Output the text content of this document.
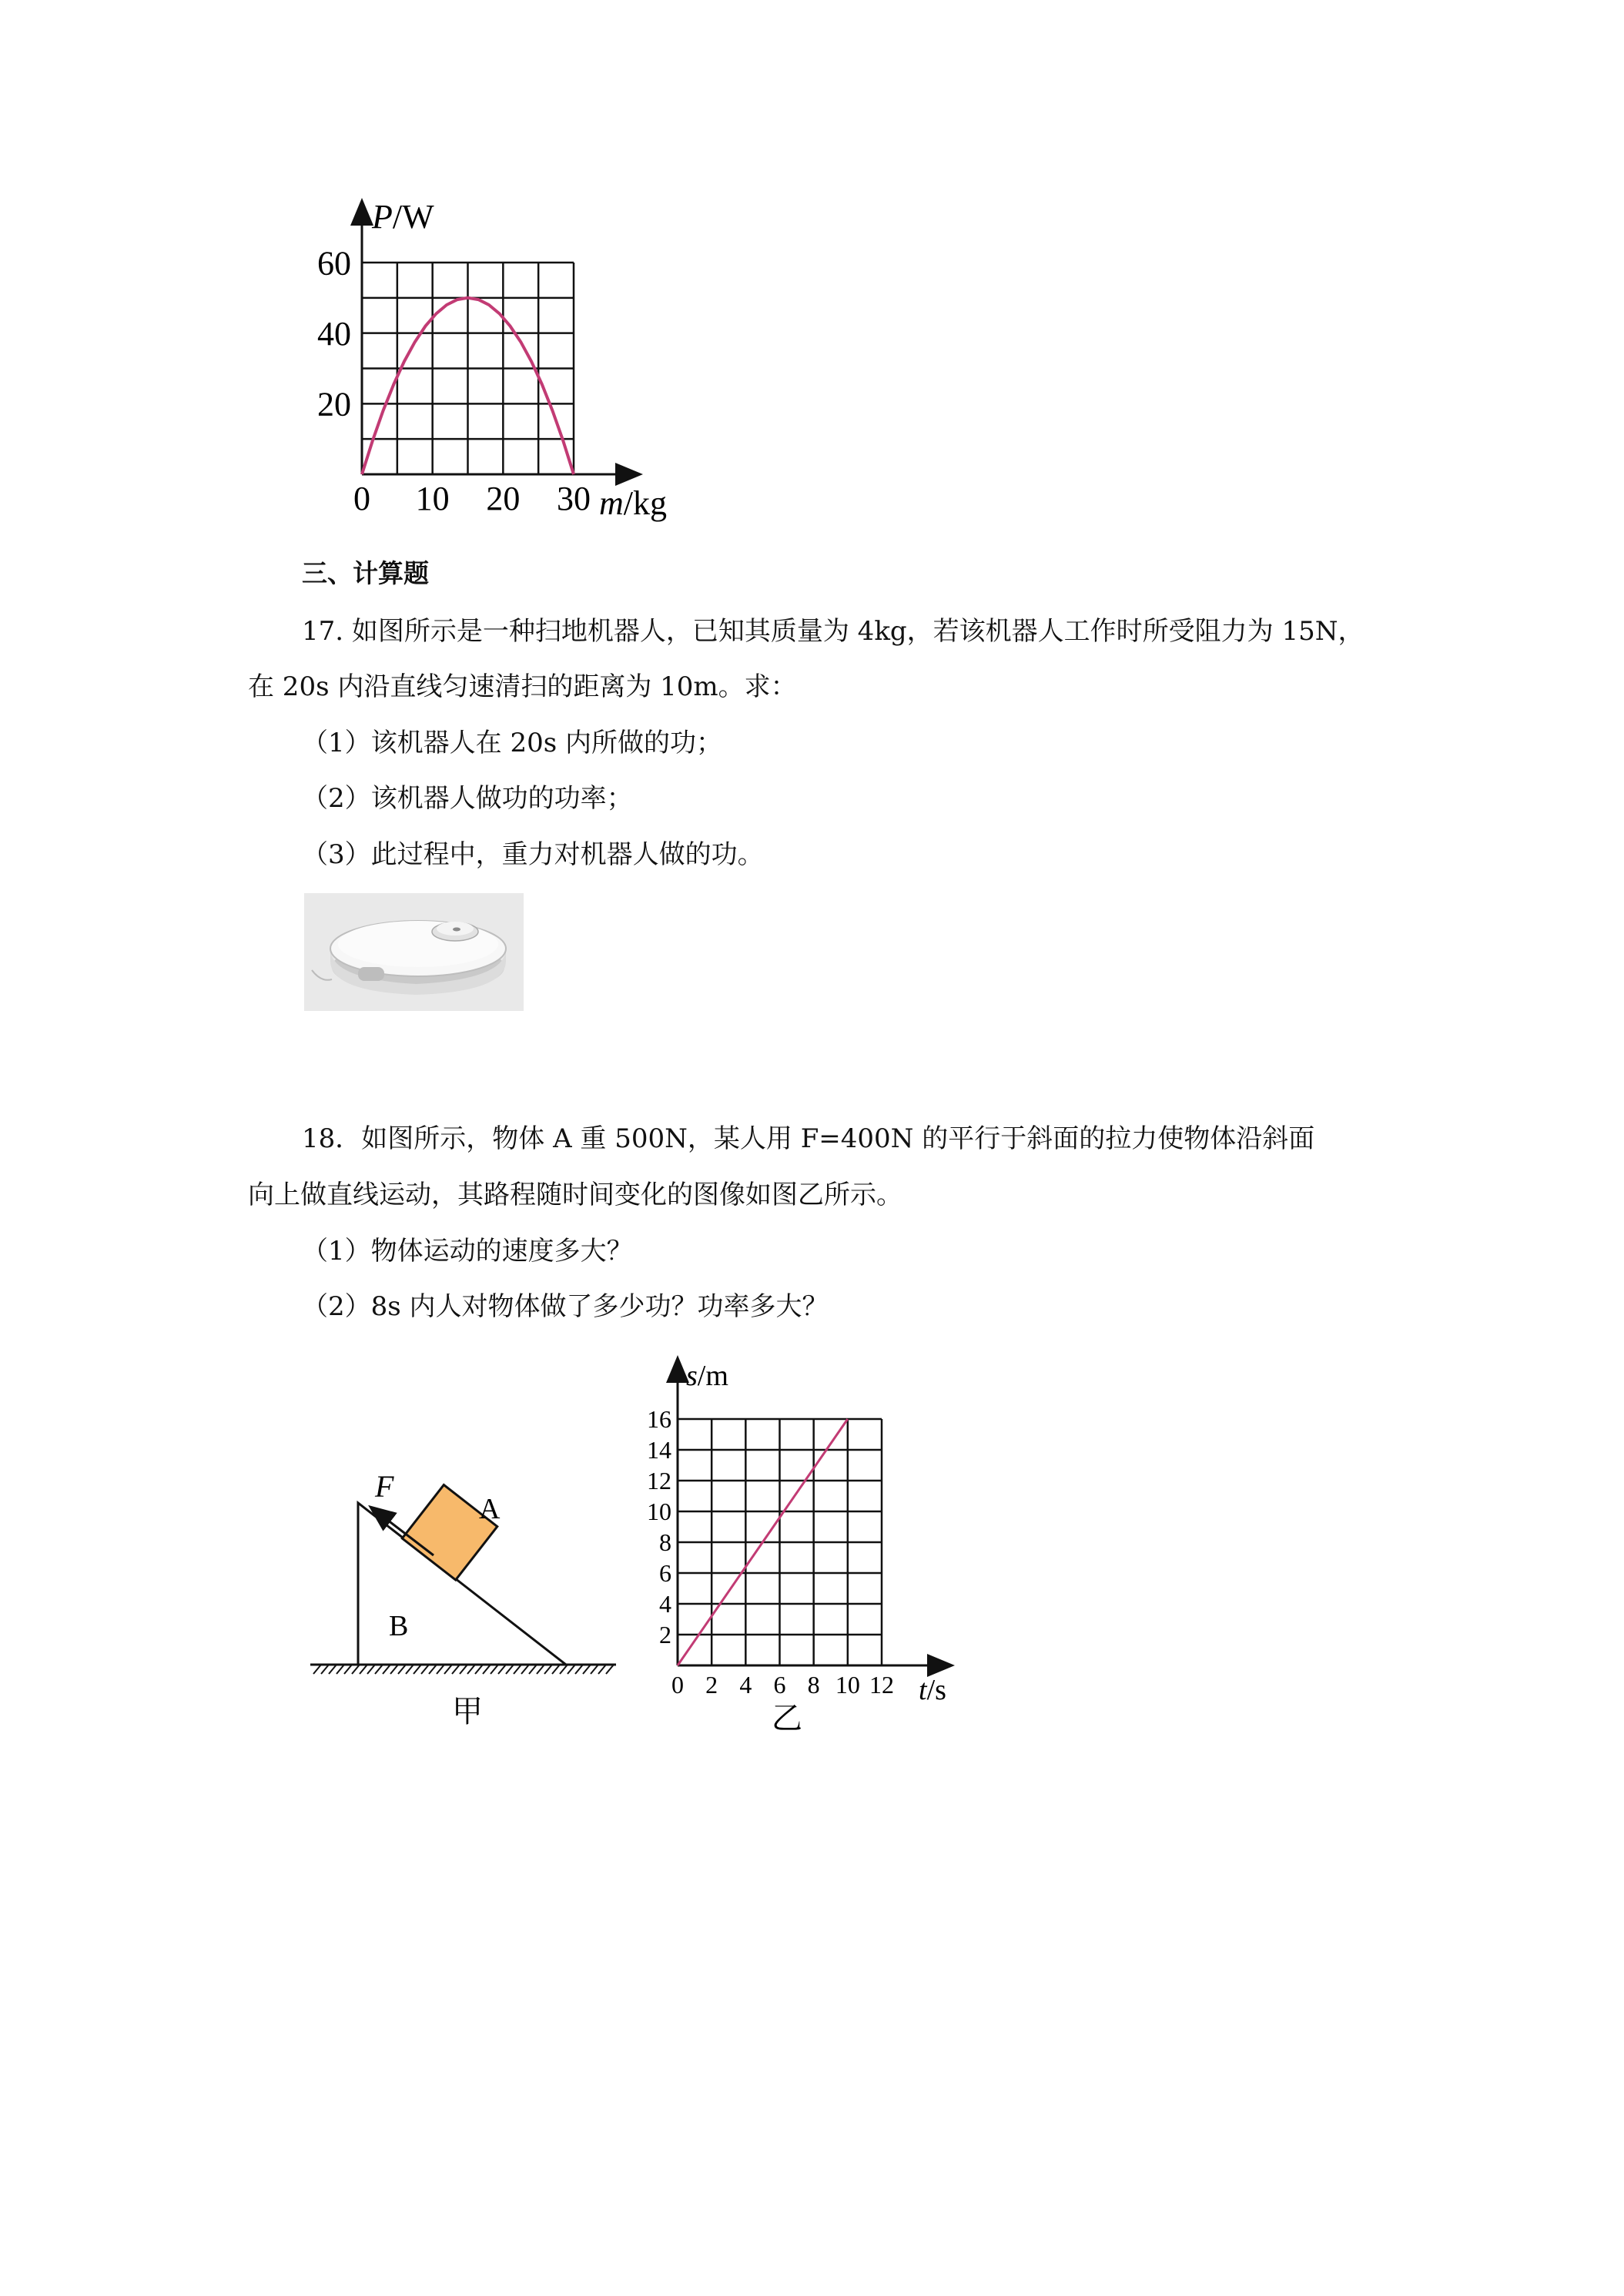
0 10 20 30
20
40
60
P/W
m/kg
三、计算题
17. 如图所示是一种扫地机器人，已知其质量为 4kg，若该机器人工作时所受阻力为 15N，
在 20s 内沿直线匀速清扫的距离为 10m。求：
（1）该机器人在 20s 内所做的功；
（2）该机器人做功的功率；
（3）此过程中，重力对机器人做的功。
18．如图所示，物体 A 重 500N，某人用 F=400N 的平行于斜面的拉力使物体沿斜面
向上做直线运动，其路程随时间变化的图像如图乙所示。
（1）物体运动的速度多大？
（2）8s 内人对物体做了多少功？功率多大？
F
A
B
甲
0 2 4 6 8 10 12
2
4
6
8
10
12
14
16
s/m
t/s
乙
